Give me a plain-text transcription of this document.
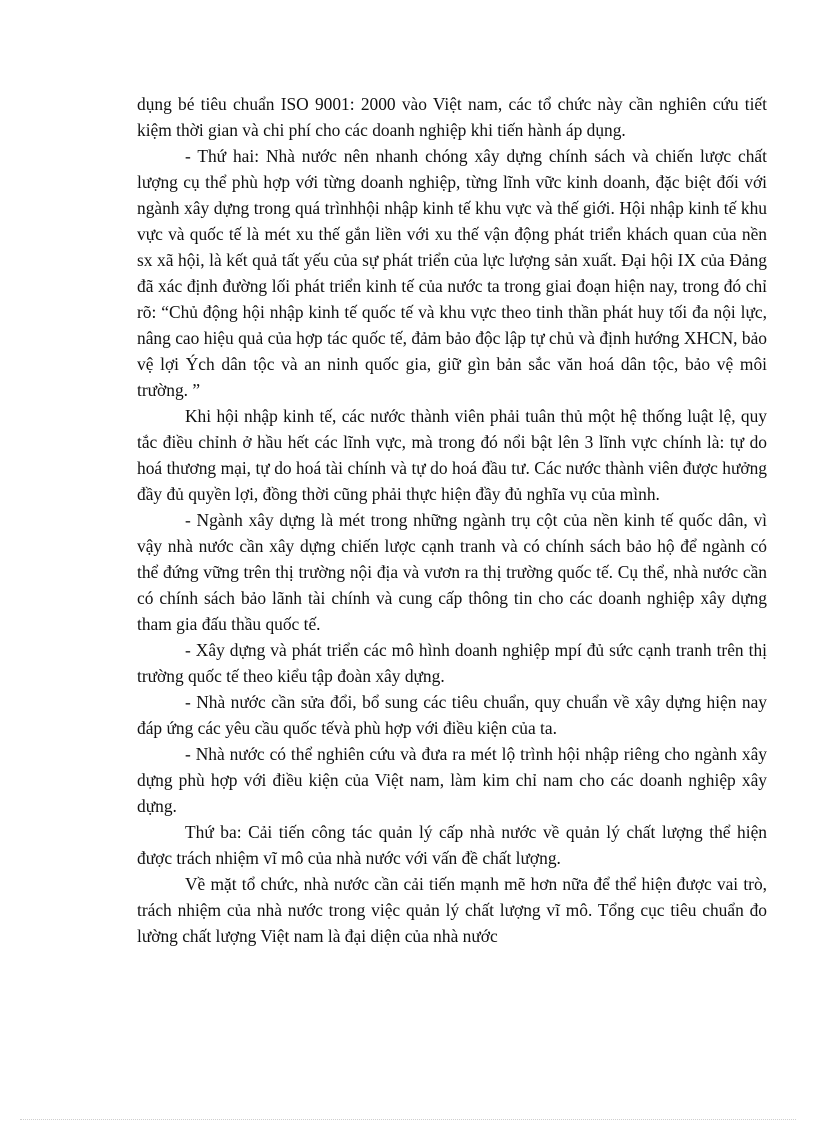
dụng bé tiêu chuẩn ISO 9001: 2000 vào Việt nam, các tổ chức này cần nghiên cứu tiết kiệm thời gian và chi phí cho các doanh nghiệp khi tiến hành áp dụng.

- Thứ hai: Nhà nước nên nhanh chóng xây dựng chính sách và chiến lược chất lượng cụ thể phù hợp với từng doanh nghiệp, từng lĩnh vữc kinh doanh, đặc biệt đối với ngành xây dựng trong quá trìnhhội nhập kinh tế khu vực và thế giới. Hội nhập kinh tế khu vực và quốc tế là mét xu thế gắn liền với xu thế vận động phát triển khách quan của nền sx xã hội, là kết quả tất yếu của sự phát triển của lực lượng sản xuất. Đại hội IX của Đảng đã xác định đường lối phát triển kinh tế của nước ta trong giai đoạn hiện nay, trong đó chỉ rõ: “Chủ động hội nhập kinh tế quốc tế và khu vực theo tinh thần phát huy tối đa nội lực, nâng cao hiệu quả của hợp tác quốc tế, đảm bảo độc lập tự chủ và định hướng XHCN, bảo vệ lợi Ých dân tộc và an ninh quốc gia, giữ gìn bản sắc văn hoá dân tộc, bảo vệ môi trường. ”

Khi hội nhập kinh tế, các nước thành viên phải tuân thủ một hệ thống luật lệ, quy tắc điều chỉnh ở hầu hết các lĩnh vực, mà trong đó nổi bật lên 3 lĩnh vực chính là: tự do hoá thương mại, tự do hoá tài chính và tự do hoá đầu tư. Các nước thành viên được hưởng đầy đủ quyền lợi, đồng thời cũng phải thực hiện đầy đủ nghĩa vụ của mình.

- Ngành xây dựng là mét trong những ngành trụ cột của nền kinh tế quốc dân, vì vậy nhà nước cần xây dựng chiến lược cạnh tranh và có chính sách bảo hộ để ngành có thể đứng vững trên thị trường nội địa và vươn ra thị trường quốc tế. Cụ thể, nhà nước cần có chính sách bảo lãnh tài chính và cung cấp thông tin cho các doanh nghiệp xây dựng tham gia đấu thầu quốc tế.

- Xây dựng và phát triển các mô hình doanh nghiệp mpí đủ sức cạnh tranh trên thị trường quốc tế theo kiểu tập đoàn xây dựng.

- Nhà nước cần sửa đổi, bổ sung các tiêu chuẩn, quy chuẩn về xây dựng hiện nay đáp ứng các yêu cầu quốc tếvà phù hợp với điều kiện của ta.

- Nhà nước có thể nghiên cứu và đưa ra mét lộ trình hội nhập riêng cho ngành xây dựng phù hợp với điều kiện của Việt nam, làm kim chỉ nam cho các doanh nghiệp xây dựng.

Thứ ba: Cải tiến công tác quản lý cấp nhà nước về quản lý chất lượng thể hiện được trách nhiệm vĩ mô của nhà nước với vấn đề chất lượng.

Về mặt tổ chức, nhà nước cần cải tiến mạnh mẽ hơn nữa để thể hiện được vai trò, trách nhiệm của nhà nước trong việc quản lý chất lượng vĩ mô. Tổng cục tiêu chuẩn đo lường chất lượng Việt nam là đại diện của nhà nước
